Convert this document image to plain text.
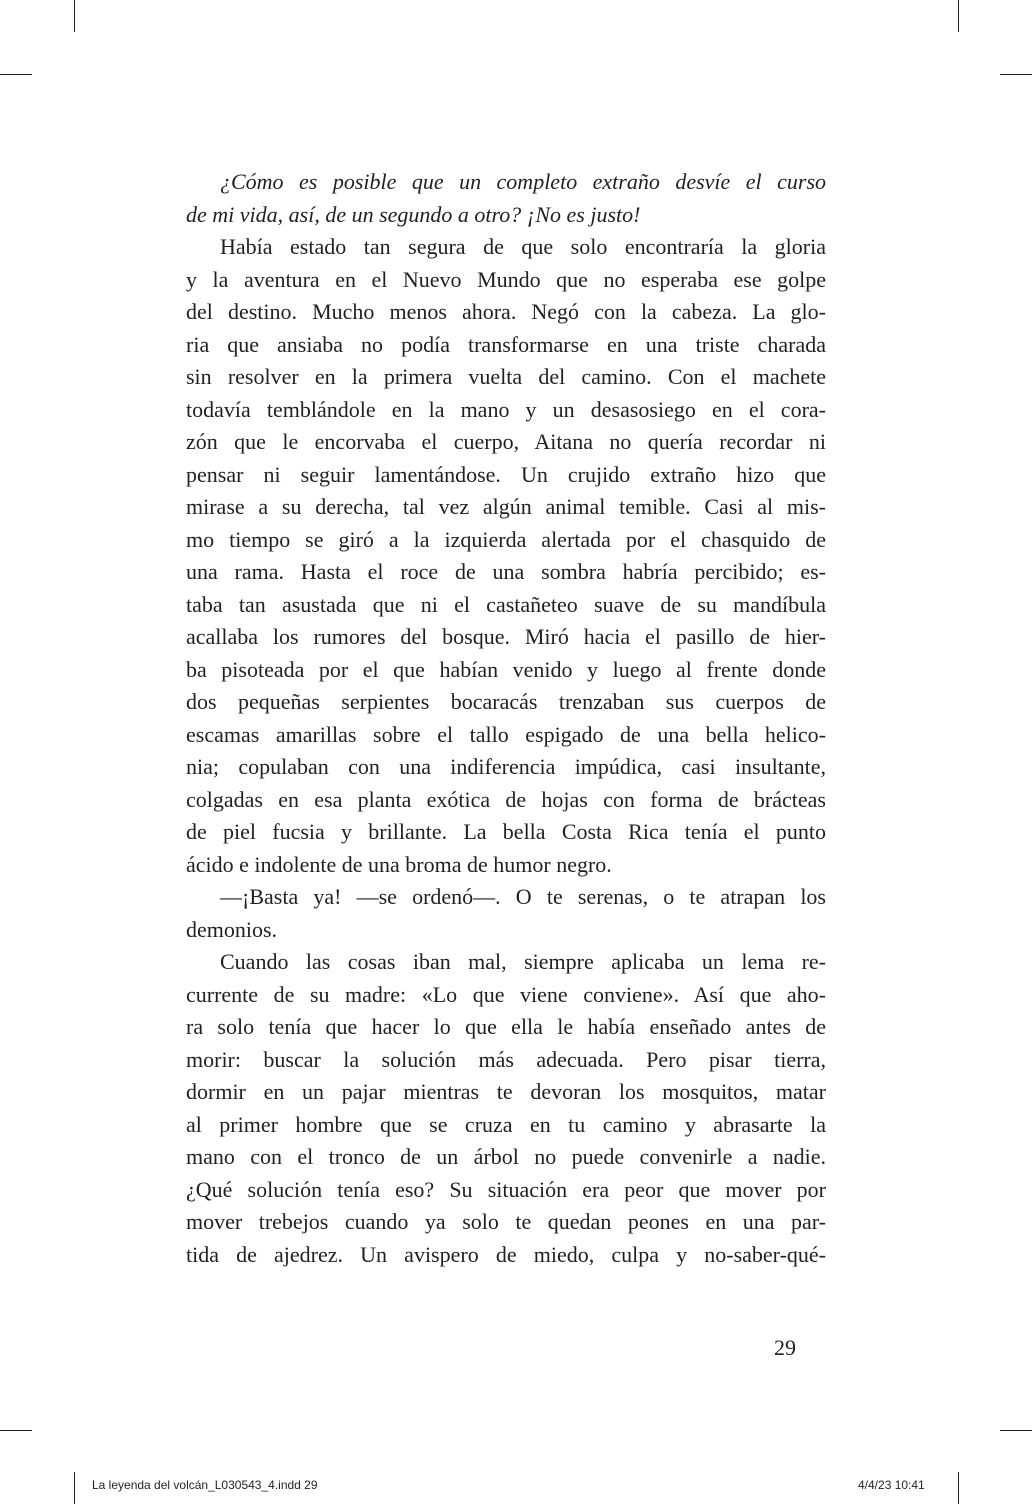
¿Cómo es posible que un completo extraño desvíe el curso
de mi vida, así, de un segundo a otro? ¡No es justo!
Había estado tan segura de que solo encontraría la gloria
y la aventura en el Nuevo Mundo que no esperaba ese golpe
del destino. Mucho menos ahora. Negó con la cabeza. La glo-
ria que ansiaba no podía transformarse en una triste charada
sin resolver en la primera vuelta del camino. Con el machete
todavía temblándole en la mano y un desasosiego en el cora-
zón que le encorvaba el cuerpo, Aitana no quería recordar ni
pensar ni seguir lamentándose. Un crujido extraño hizo que
mirase a su derecha, tal vez algún animal temible. Casi al mis-
mo tiempo se giró a la izquierda alertada por el chasquido de
una rama. Hasta el roce de una sombra habría percibido; es-
taba tan asustada que ni el castañeteo suave de su mandíbula
acallaba los rumores del bosque. Miró hacia el pasillo de hier-
ba pisoteada por el que habían venido y luego al frente donde
dos pequeñas serpientes bocaracás trenzaban sus cuerpos de
escamas amarillas sobre el tallo espigado de una bella helico-
nia; copulaban con una indiferencia impúdica, casi insultante,
colgadas en esa planta exótica de hojas con forma de brácteas
de piel fucsia y brillante. La bella Costa Rica tenía el punto
ácido e indolente de una broma de humor negro.
—¡Basta ya! —se ordenó—. O te serenas, o te atrapan los
demonios.
Cuando las cosas iban mal, siempre aplicaba un lema re-
currente de su madre: «Lo que viene conviene». Así que aho-
ra solo tenía que hacer lo que ella le había enseñado antes de
morir: buscar la solución más adecuada. Pero pisar tierra,
dormir en un pajar mientras te devoran los mosquitos, matar
al primer hombre que se cruza en tu camino y abrasarte la
mano con el tronco de un árbol no puede convenirle a nadie.
¿Qué solución tenía eso? Su situación era peor que mover por
mover trebejos cuando ya solo te quedan peones en una par-
tida de ajedrez. Un avispero de miedo, culpa y no-saber-qué-
29
La leyenda del volcán_L030543_4.indd 29	4/4/23 10:41
